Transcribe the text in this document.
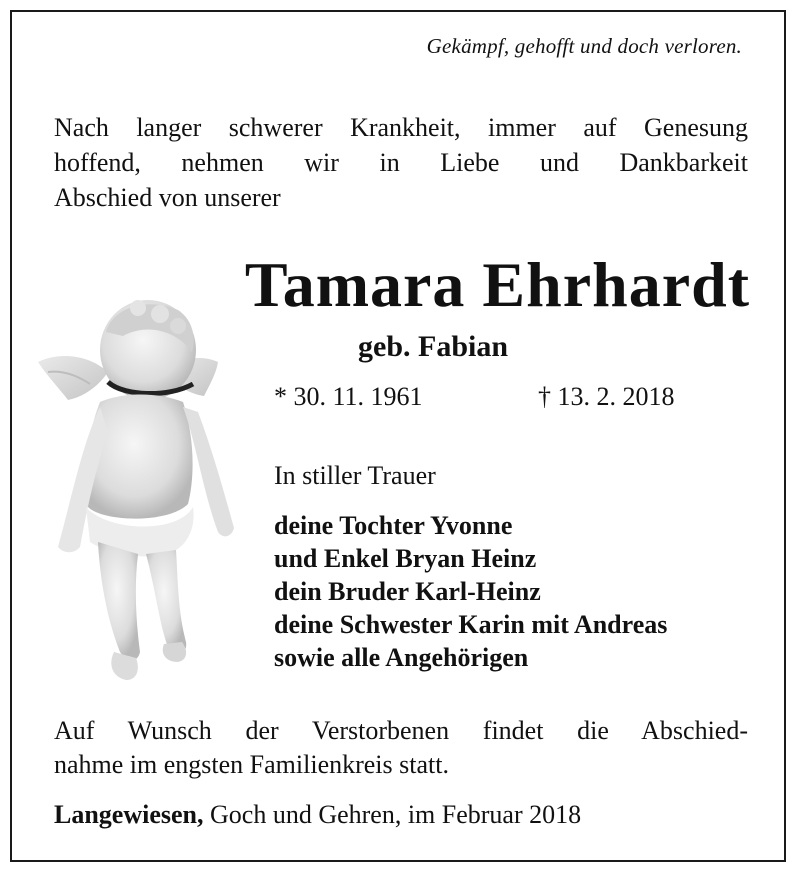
Gekämpf, gehofft und doch verloren.
Nach langer schwerer Krankheit, immer auf Genesung
hoffend, nehmen wir in Liebe und Dankbarkeit
Abschied von unserer
Tamara Ehrhardt
geb. Fabian
* 30. 11. 1961	† 13. 2. 2018
In stiller Trauer
deine Tochter Yvonne
und Enkel Bryan Heinz
dein Bruder Karl-Heinz
deine Schwester Karin mit Andreas
sowie alle Angehörigen
Auf Wunsch der Verstorbenen findet die Abschied-
nahme im engsten Familienkreis statt.
Langewiesen, Goch und Gehren, im Februar 2018
